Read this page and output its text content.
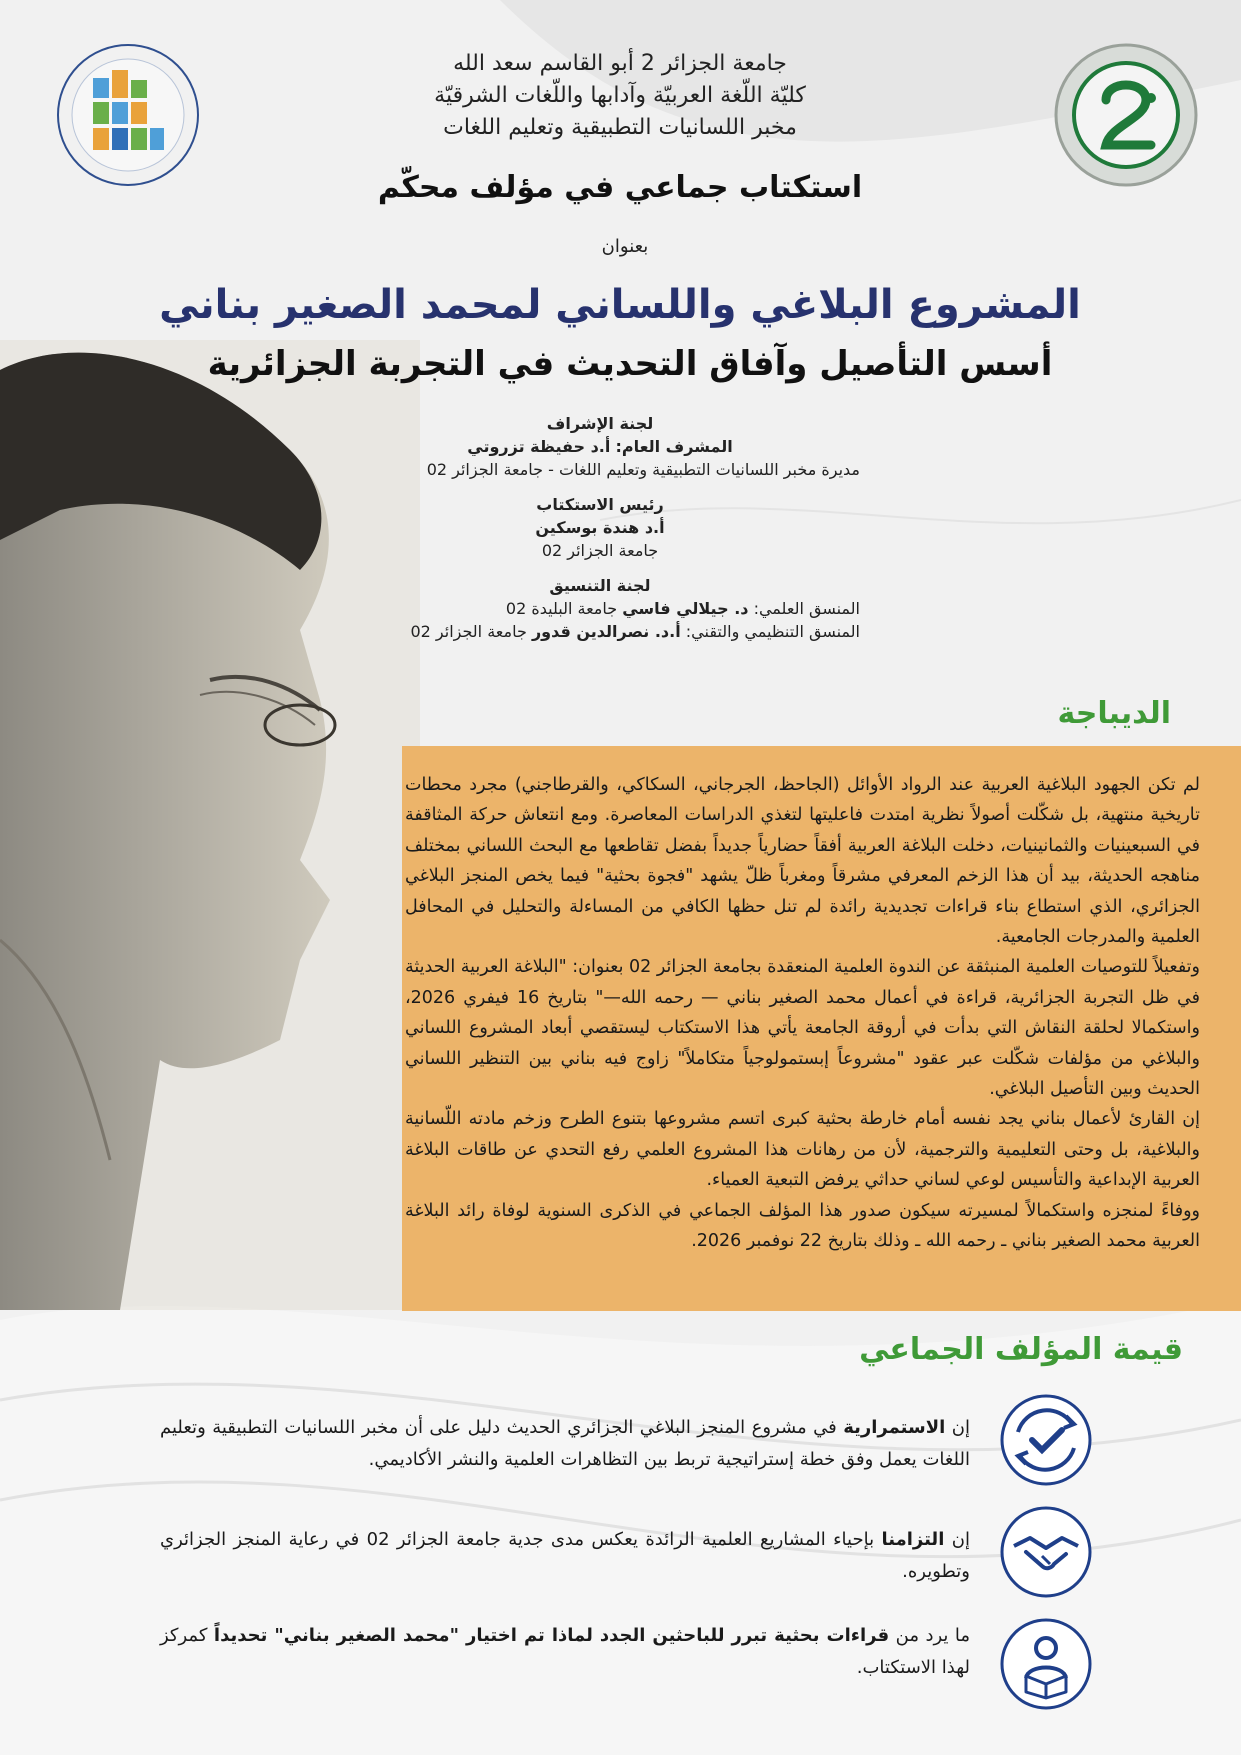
جامعة الجزائر 2 أبو القاسم سعد الله
كليّة اللّغة العربيّة وآدابها واللّغات الشرقيّة
مخبر اللسانيات التطبيقية وتعليم اللغات
استكتاب جماعي في مؤلف محكّم
بعنوان
المشروع البلاغي واللساني لمحمد الصغير بناني
أسس التأصيل وآفاق التحديث في التجربة الجزائرية
لجنة الإشراف
المشرف العام: أ.د حفيظة تزروتي
مديرة مخبر اللسانيات التطبيقية وتعليم اللغات - جامعة الجزائر 02
رئيس الاستكتاب
أ.د هندة بوسكين
جامعة الجزائر 02
لجنة التنسيق
المنسق العلمي: د. جيلالي فاسي جامعة البليدة 02
المنسق التنظيمي والتقني: أ.د. نصرالدين قدور جامعة الجزائر 02
الديباجة

لم تكن الجهود البلاغية العربية عند الرواد الأوائل (الجاحظ، الجرجاني، السكاكي، والقرطاجني) مجرد محطات تاريخية منتهية، بل شكّلت أصولاً نظرية امتدت فاعليتها لتغذي الدراسات المعاصرة. ومع انتعاش حركة المثاقفة في السبعينيات والثمانينيات، دخلت البلاغة العربية أفقاً حضارياً جديداً بفضل تقاطعها مع البحث اللساني بمختلف مناهجه الحديثة، بيد أن هذا الزخم المعرفي مشرقاً ومغرباً ظلّ يشهد "فجوة بحثية" فيما يخص المنجز البلاغي الجزائري، الذي استطاع بناء قراءات تجديدية رائدة لم تنل حظها الكافي من المساءلة والتحليل في المحافل العلمية والمدرجات الجامعية.

وتفعيلاً للتوصيات العلمية المنبثقة عن الندوة العلمية المنعقدة بجامعة الجزائر 02 بعنوان: "البلاغة العربية الحديثة في ظل التجربة الجزائرية، قراءة في أعمال محمد الصغير بناني — رحمه الله—" بتاريخ 16 فيفري 2026، واستكمالا لحلقة النقاش التي بدأت في أروقة الجامعة يأتي هذا الاستكتاب ليستقصي أبعاد المشروع اللساني والبلاغي من مؤلفات شكّلت عبر عقود "مشروعاً إبستمولوجياً متكاملاً" زاوج فيه بناني بين التنظير اللساني الحديث وبين التأصيل البلاغي.

إن القارئ لأعمال بناني يجد نفسه أمام خارطة بحثية كبرى اتسم مشروعها بتنوع الطرح وزخم مادته اللّسانية والبلاغية، بل وحتى التعليمية والترجمية، لأن من رهانات هذا المشروع العلمي رفع التحدي عن طاقات البلاغة العربية الإبداعية والتأسيس لوعي لساني حداثي يرفض التبعية العمياء.

ووفاءً لمنجزه واستكمالاً لمسيرته سيكون صدور هذا المؤلف الجماعي في الذكرى السنوية لوفاة رائد البلاغة العربية محمد الصغير بناني ـ رحمه الله ـ وذلك بتاريخ 22 نوفمبر 2026.

قيمة المؤلف الجماعي
إن الاستمرارية في مشروع المنجز البلاغي الجزائري الحديث دليل على أن مخبر اللسانيات التطبيقية وتعليم اللغات يعمل وفق خطة إستراتيجية تربط بين التظاهرات العلمية والنشر الأكاديمي.
إن التزامنا بإحياء المشاريع العلمية الرائدة يعكس مدى جدية جامعة الجزائر 02 في رعاية المنجز الجزائري وتطويره.
ما يرد من قراءات بحثية تبرر للباحثين الجدد لماذا تم اختيار "محمد الصغير بناني" تحديداً كمركز لهذا الاستكتاب.
